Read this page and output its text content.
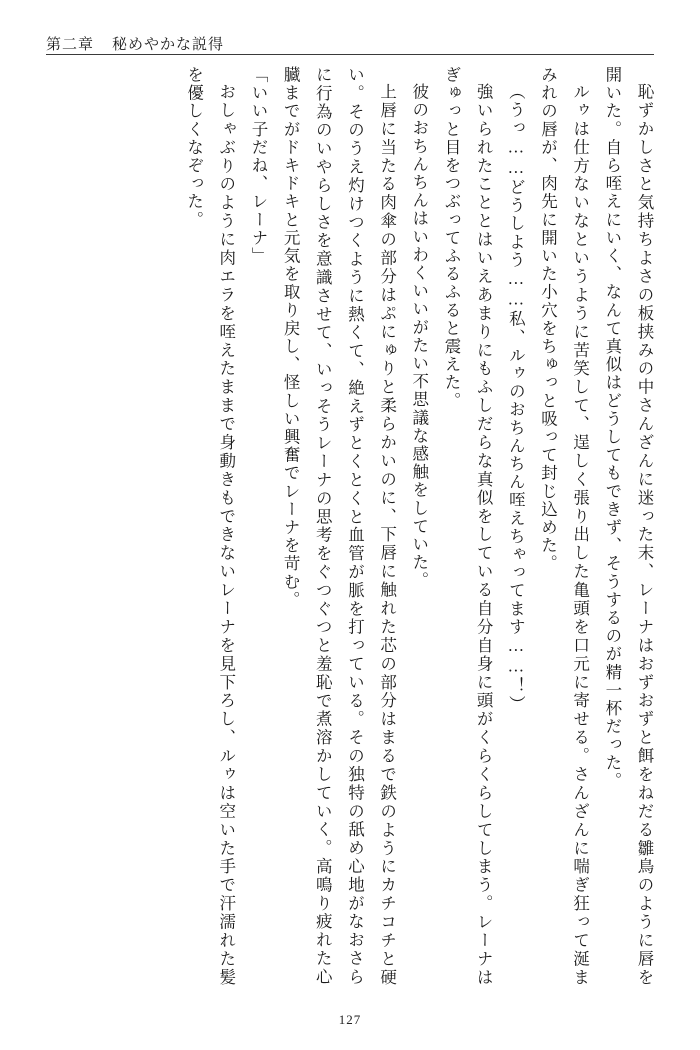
第二章 秘めやかな説得

恥ずかしさと気持ちよさの板挟みの中さんざんに迷った末、レーナはおずおずと餌をねだる雛鳥のように唇を開いた。自ら咥えにいく、なんて真似はどうしてもできず、そうするのが精一杯だった。

ルゥは仕方ないなというように苦笑して、逞しく張り出した亀頭を口元に寄せる。さんざんに喘ぎ狂って涎まみれの唇が、肉先に開いた小穴をちゅっと吸って封じ込めた。

（うっ……どうしよう……私、ルゥのおちんちん咥えちゃってます……！）

強いられたこととはいえあまりにもふしだらな真似をしている自分自身に頭がくらくらしてしまう。レーナはぎゅっと目をつぶってふるふると震えた。

彼のおちんちんはいわくいいがたい不思議な感触をしていた。

上唇に当たる肉傘の部分はぷにゅりと柔らかいのに、下唇に触れた芯の部分はまるで鉄のようにカチコチと硬い。そのうえ灼けつくように熱くて、絶えずとくとくと血管が脈を打っている。その独特の舐め心地がなおさらに行為のいやらしさを意識させて、いっそうレーナの思考をぐつぐつと羞恥で煮溶かしていく。高鳴り疲れた心臓までがドキドキと元気を取り戻し、怪しい興奮でレーナを苛む。

「いい子だね、レーナ」

おしゃぶりのように肉エラを咥えたままで身動きもできないレーナを見下ろし、ルゥは空いた手で汗濡れた髪を優しくなぞった。

127
